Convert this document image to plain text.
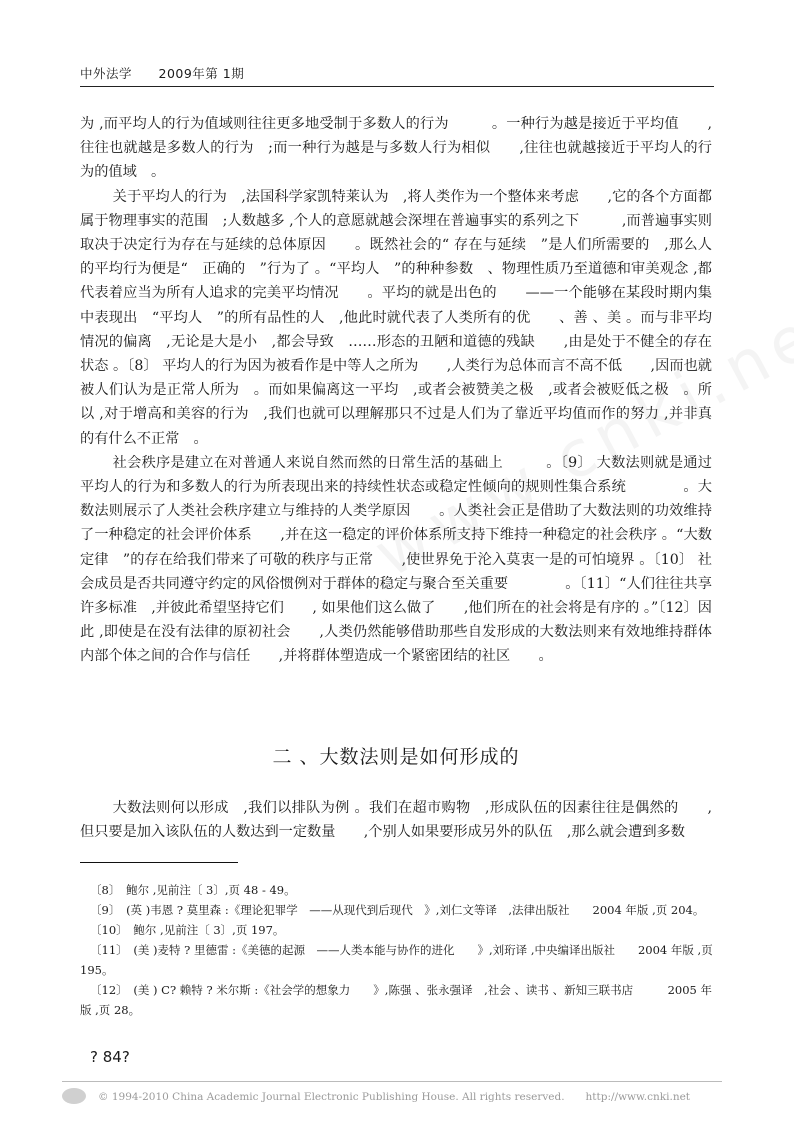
中外法学 2009年第 1期

为 ,而平均人的行为值域则往往更多地受制于多数人的行为　　　。一种行为越是接近于平均值　　,往往也就越是多数人的行为　;而一种行为越是与多数人行为相似　　,往往也就越接近于平均人的行为的值域　。

关于平均人的行为　,法国科学家凯特莱认为　,将人类作为一个整体来考虑　　,它的各个方面都属于物理事实的范围　;人数越多 ,个人的意愿就越会深埋在普遍事实的系列之下　　　,而普遍事实则取决于决定行为存在与延续的总体原因　　。既然社会的“ 存在与延续　”是人们所需要的　,那么人的平均行为便是“　正确的　”行为了 。“平均人　”的种种参数　、物理性质乃至道德和审美观念 ,都代表着应当为所有人追求的完美平均情况　　。平均的就是出色的　　——一个能够在某段时期内集中表现出　“平均人　”的所有品性的人　,他此时就代表了人类所有的优　　、善 、美 。而与非平均情况的偏离　,无论是大是小　,都会导致　……形态的丑陋和道德的残缺　　,由是处于不健全的存在状态 。〔8〕 平均人的行为因为被看作是中等人之所为　　,人类行为总体而言不高不低　　,因而也就被人们认为是正常人所为　。而如果偏离这一平均　,或者会被赞美之极　,或者会被贬低之极　。所以 ,对于增高和美容的行为　,我们也就可以理解那只不过是人们为了靠近平均值而作的努力 ,并非真的有什么不正常　。

社会秩序是建立在对普通人来说自然而然的日常生活的基础上　　　。〔9〕 大数法则就是通过平均人的行为和多数人的行为所表现出来的持续性状态或稳定性倾向的规则性集合系统　　　　。大数法则展示了人类社会秩序建立与维持的人类学原因　　。人类社会正是借助了大数法则的功效维持了一种稳定的社会评价体系　　,并在这一稳定的评价体系所支持下维持一种稳定的社会秩序 。“大数定律　”的存在给我们带来了可敬的秩序与正常　　,使世界免于沦入莫衷一是的可怕境界 。〔10〕 社会成员是否共同遵守约定的风俗惯例对于群体的稳定与聚合至关重要　　　　。〔11〕“人们往往共享许多标准　,并彼此希望坚持它们　　, 如果他们这么做了　　,他们所在的社会将是有序的 。”〔12〕因此 ,即使是在没有法律的原初社会　　,人类仍然能够借助那些自发形成的大数法则来有效地维持群体内部个体之间的合作与信任　　,并将群体塑造成一个紧密团结的社区　　。

二 、大数法则是如何形成的

大数法则何以形成　,我们以排队为例 。我们在超市购物　,形成队伍的因素往往是偶然的　　,但只要是加入该队伍的人数达到一定数量　　,个别人如果要形成另外的队伍　,那么就会遭到多数

〔8〕　鲍尔 ,见前注〔 3〕,页 48 - 49。

〔9〕　(英 )韦恩 ? 莫里森 :《理论犯罪学　——从现代到后现代　》,刘仁文等译　,法律出版社　　2004 年版 ,页 204。

〔10〕　鲍尔 ,见前注〔 3〕,页 197。

〔11〕　(美 )麦特 ? 里德雷 :《美德的起源　——人类本能与协作的进化　　》,刘珩译 ,中央编译出版社　　2004 年版 ,页 195。

〔12〕　(美 ) C? 赖特 ? 米尔斯 :《社会学的想象力　　》,陈强 、张永强译　,社会 、读书 、新知三联书店　　　2005 年版 ,页 28。

? 84?
© 1994-2010 China Academic Journal Electronic Publishing House. All rights reserved.　　http://www.cnki.net
